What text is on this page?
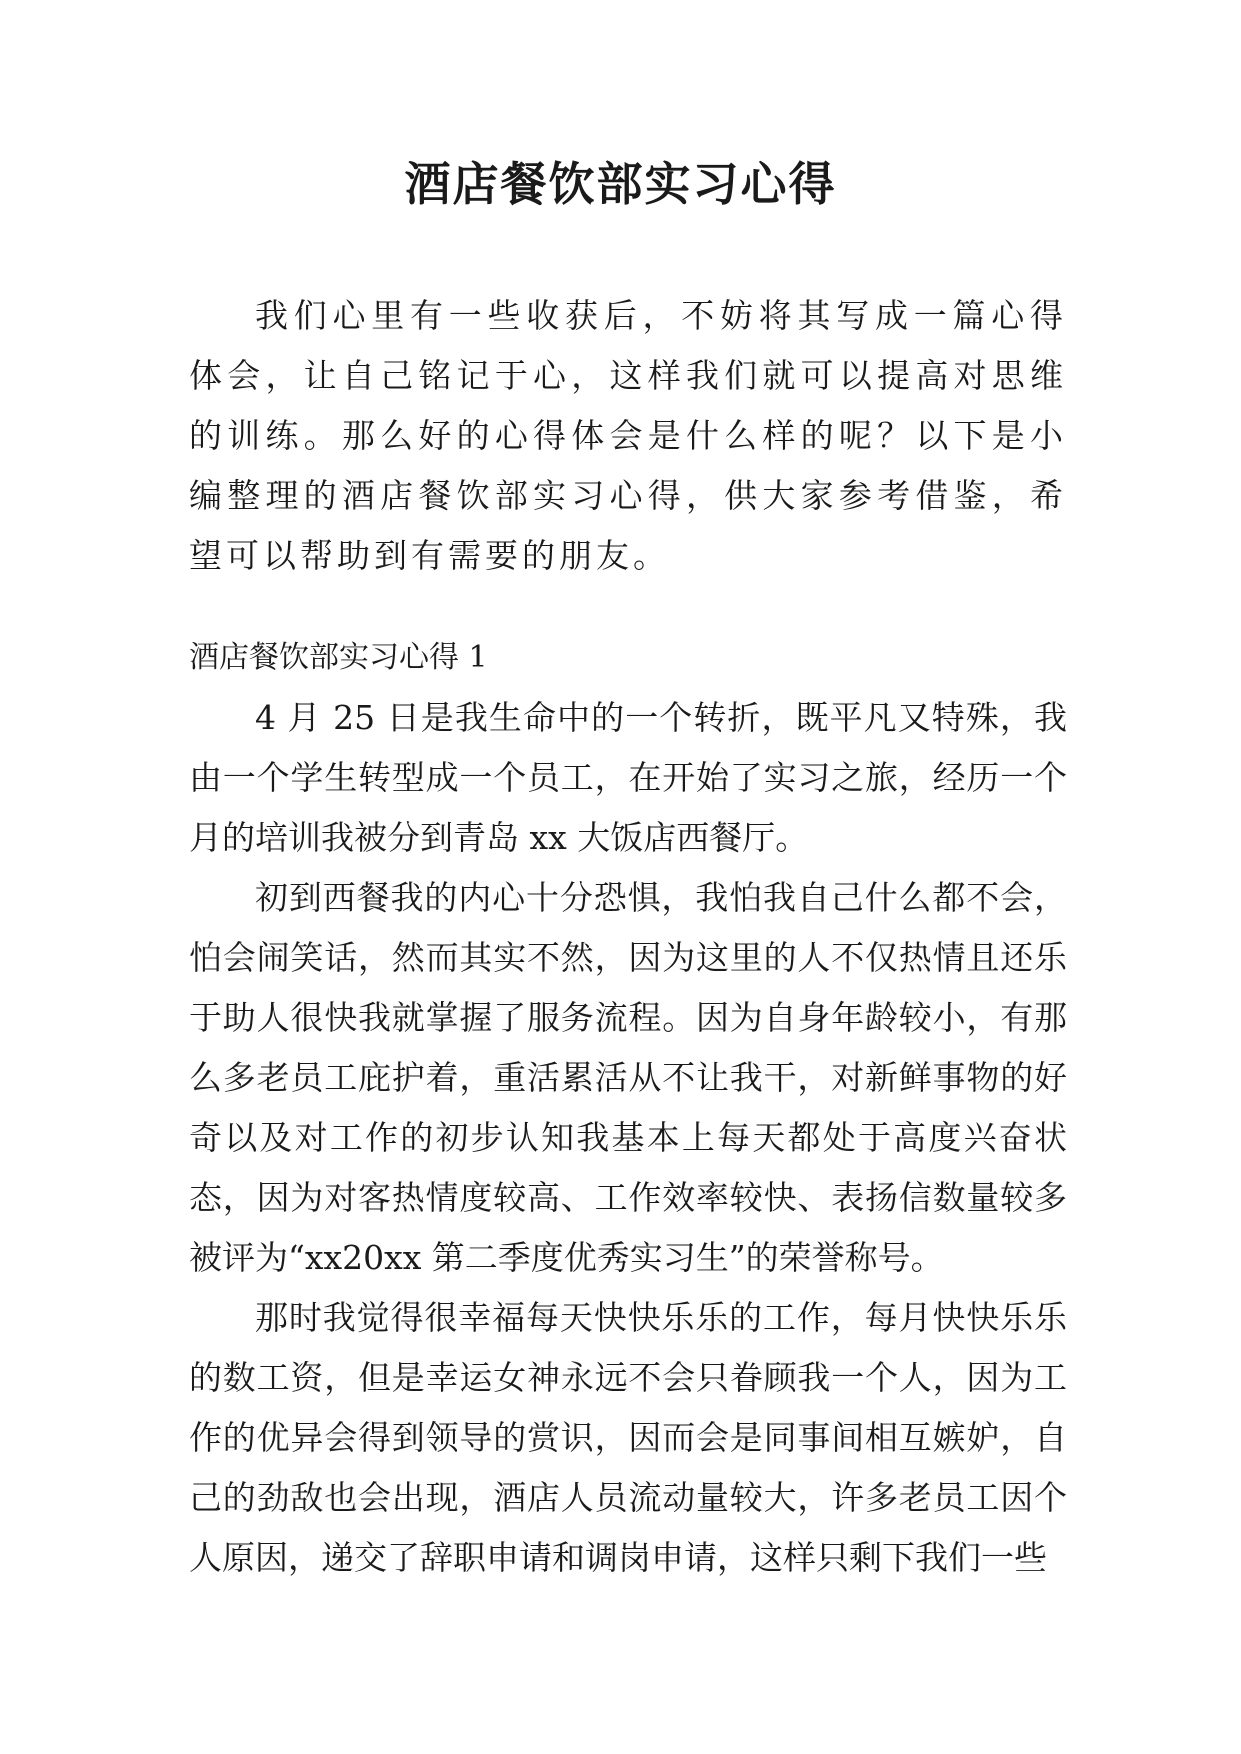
酒店餐饮部实习心得

我们心里有一些收获后，不妨将其写成一篇心得体会，让自己铭记于心，这样我们就可以提高对思维的训练。那么好的心得体会是什么样的呢？以下是小编整理的酒店餐饮部实习心得，供大家参考借鉴，希望可以帮助到有需要的朋友。

酒店餐饮部实习心得 1

4 月 25 日是我生命中的一个转折，既平凡又特殊，我由一个学生转型成一个员工，在开始了实习之旅，经历一个月的培训我被分到青岛 xx 大饭店西餐厅。

初到西餐我的内心十分恐惧，我怕我自己什么都不会，怕会闹笑话，然而其实不然，因为这里的人不仅热情且还乐于助人很快我就掌握了服务流程。因为自身年龄较小，有那么多老员工庇护着，重活累活从不让我干，对新鲜事物的好奇以及对工作的初步认知我基本上每天都处于高度兴奋状态，因为对客热情度较高、工作效率较快、表扬信数量较多被评为“xx20xx 第二季度优秀实习生”的荣誉称号。

那时我觉得很幸福每天快快乐乐的工作，每月快快乐乐的数工资，但是幸运女神永远不会只眷顾我一个人，因为工作的优异会得到领导的赏识，因而会是同事间相互嫉妒，自己的劲敌也会出现，酒店人员流动量较大，许多老员工因个人原因，递交了辞职申请和调岗申请，这样只剩下我们一些
